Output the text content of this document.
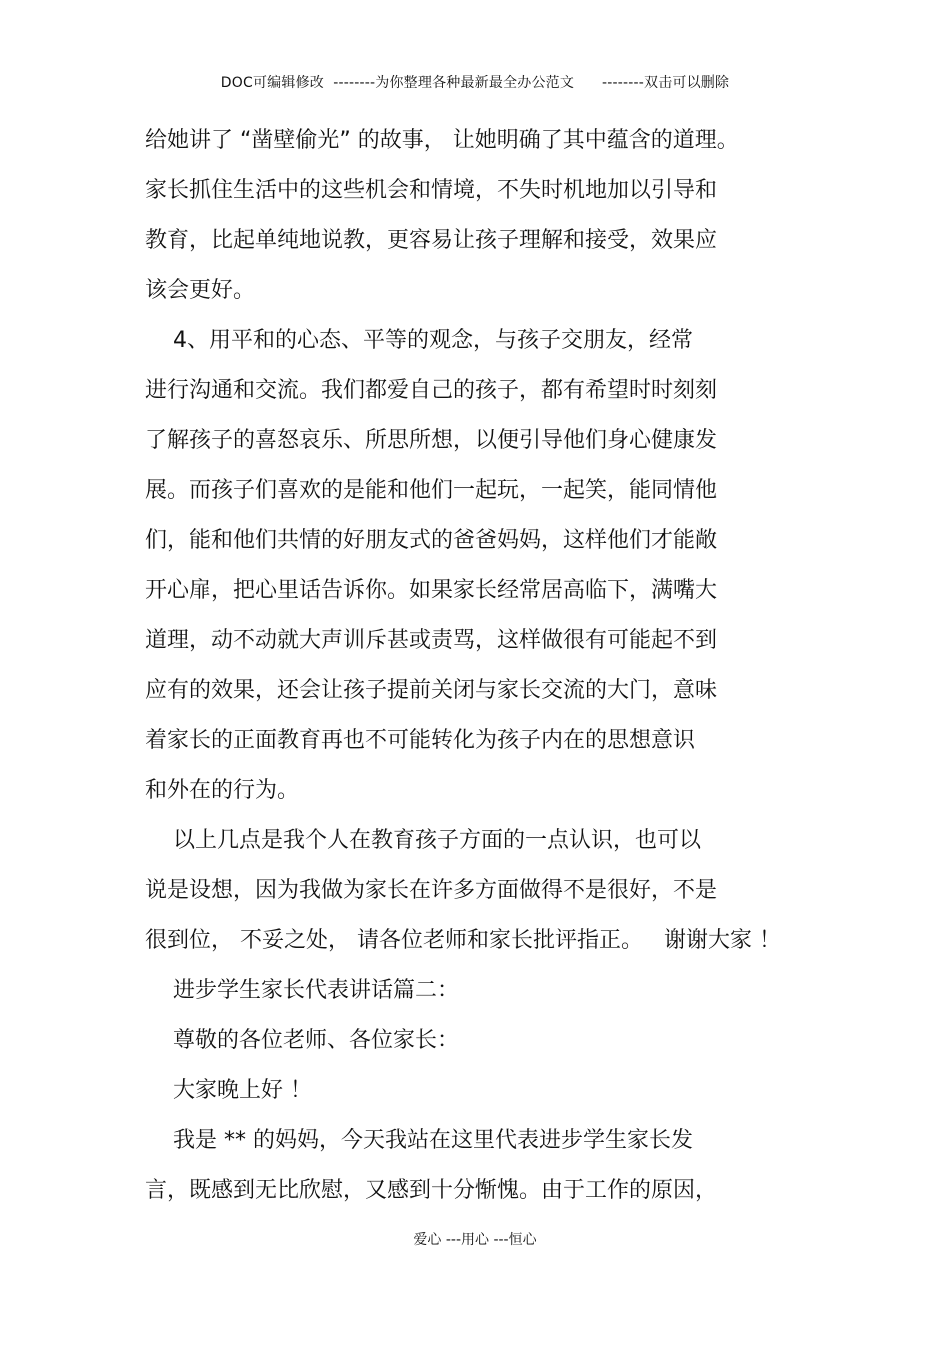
DOC可编辑修改  --------为你整理各种最新最全办公范文      --------双击可以删除
给她讲了 “凿壁偷光” 的故事， 让她明确了其中蕴含的道理。
家长抓住生活中的这些机会和情境，不失时机地加以引导和
教育，比起单纯地说教，更容易让孩子理解和接受，效果应
该会更好。
4、用平和的心态、平等的观念，与孩子交朋友，经常
进行沟通和交流。我们都爱自己的孩子，都有希望时时刻刻
了解孩子的喜怒哀乐、所思所想，以便引导他们身心健康发
展。而孩子们喜欢的是能和他们一起玩，一起笑，能同情他
们，能和他们共情的好朋友式的爸爸妈妈，这样他们才能敞
开心扉，把心里话告诉你。如果家长经常居高临下，满嘴大
道理，动不动就大声训斥甚或责骂，这样做很有可能起不到
应有的效果，还会让孩子提前关闭与家长交流的大门，意味
着家长的正面教育再也不可能转化为孩子内在的思想意识
和外在的行为。
以上几点是我个人在教育孩子方面的一点认识，也可以
说是设想，因为我做为家长在许多方面做得不是很好，不是
很到位， 不妥之处， 请各位老师和家长批评指正。   谢谢大家 ！
进步学生家长代表讲话篇二：
尊敬的各位老师、各位家长：
大家晚上好 ！
我是 ** 的妈妈，今天我站在这里代表进步学生家长发
言，既感到无比欣慰，又感到十分惭愧。由于工作的原因，
爱心 ---用心 ---恒心
